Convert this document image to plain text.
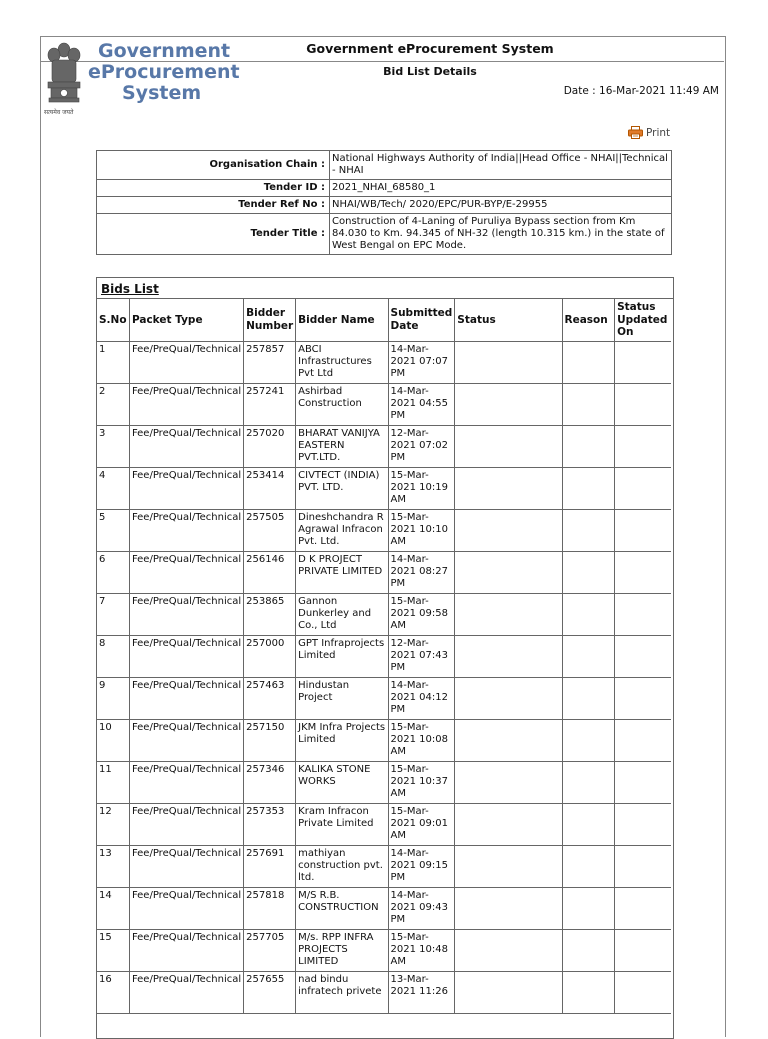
सत्यमेव जयते
Government
eProcurement
System
Government eProcurement System
Bid List Details
Date : 16-Mar-2021 11:49 AM
Print
Organisation Chain :	National Highways Authority of India||Head Office - NHAI||Technical - NHAI
Tender ID :	2021_NHAI_68580_1
Tender Ref No :	NHAI/WB/Tech/ 2020/EPC/PUR-BYP/E-29955
Tender Title :	Construction of 4-Laning of Puruliya Bypass section from Km 84.030 to Km. 94.345 of NH-32 (length 10.315 km.) in the state of West Bengal on EPC Mode.
Bids List
S.No	Packet Type	Bidder Number	Bidder Name	Submitted Date	Status	Reason	Status Updated On
1	Fee/PreQual/Technical	257857	ABCI Infrastructures Pvt Ltd	14-Mar-2021 07:07 PM			
2	Fee/PreQual/Technical	257241	Ashirbad Construction	14-Mar-2021 04:55 PM			
3	Fee/PreQual/Technical	257020	BHARAT VANIJYA EASTERN PVT.LTD.	12-Mar-2021 07:02 PM			
4	Fee/PreQual/Technical	253414	CIVTECT (INDIA) PVT. LTD.	15-Mar-2021 10:19 AM			
5	Fee/PreQual/Technical	257505	Dineshchandra R Agrawal Infracon Pvt. Ltd.	15-Mar-2021 10:10 AM			
6	Fee/PreQual/Technical	256146	D K PROJECT PRIVATE LIMITED	14-Mar-2021 08:27 PM			
7	Fee/PreQual/Technical	253865	Gannon Dunkerley and Co., Ltd	15-Mar-2021 09:58 AM			
8	Fee/PreQual/Technical	257000	GPT Infraprojects Limited	12-Mar-2021 07:43 PM			
9	Fee/PreQual/Technical	257463	Hindustan Project	14-Mar-2021 04:12 PM			
10	Fee/PreQual/Technical	257150	JKM Infra Projects Limited	15-Mar-2021 10:08 AM			
11	Fee/PreQual/Technical	257346	KALIKA STONE WORKS	15-Mar-2021 10:37 AM			
12	Fee/PreQual/Technical	257353	Kram Infracon Private Limited	15-Mar-2021 09:01 AM			
13	Fee/PreQual/Technical	257691	mathiyan construction pvt. ltd.	14-Mar-2021 09:15 PM			
14	Fee/PreQual/Technical	257818	M/S R.B. CONSTRUCTION	14-Mar-2021 09:43 PM			
15	Fee/PreQual/Technical	257705	M/s. RPP INFRA PROJECTS LIMITED	15-Mar-2021 10:48 AM			
16	Fee/PreQual/Technical	257655	nad bindu infratech privete	13-Mar-2021 11:26			
